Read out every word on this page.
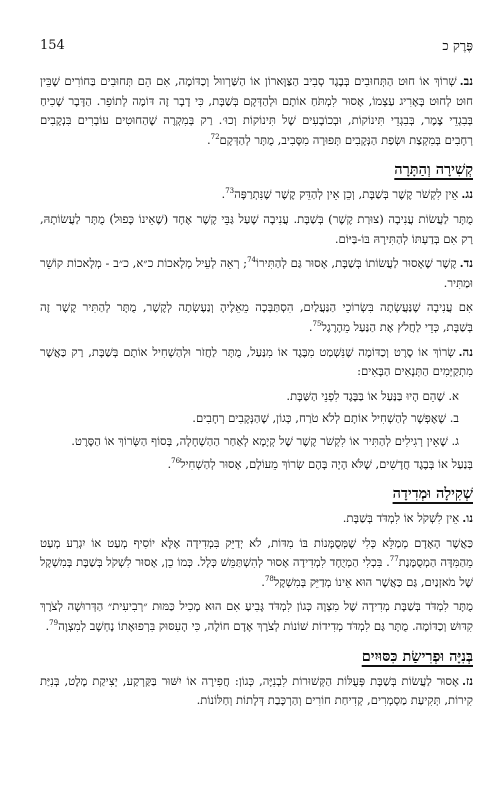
פֶּרֶק כ
154

נב.שְׁרוֹךְ אוֹ חוּט הַתְּחוּבִים בְּבֶגֶד סְבִיב הַצַּוָּארוֹן אוֹ הַשַּׁרְווּל וְכַדּוֹמֶה, אִם הֵם תְּחוּבִים בַּחוֹרִים שֶׁבֵּין חוּט לְחוּט בָּאָרִיג עַצְמוֹ, אָסוּר לִמְתֹּחַ אוֹתָם וּלְהַדְּקָם בְּשַׁבָּת, כִּי דָבָר זֶה דּוֹמֶה לְתוֹפֵר. הַדָּבָר שָׁכִיחַ בְּבִגְדֵי צֶמֶר, בְּבִגְדֵי תִּינוֹקוֹת, וּבְכוֹבָעִים שֶׁל תִּינוֹקוֹת וְכוּ׳. רַק בְּמִקְרֶה שֶׁהַחוּטִים עוֹבְרִים בִּנְקָבִים רְחָבִים בְּמִקְצַת וּשְׂפַת הַנְּקָבִים תְּפוּרָה מִסָּבִיב, מֻתָּר לְהַדְּקָם$^{72}$.

קְשִׁירָה וְהַתָּרָה

נג.אֵין לִקְשֹׁר קֶשֶׁר בְּשַׁבָּת, וְכֵן אֵין לְהַדֵּק קֶשֶׁר שֶׁנִּתְרַפָּה$^{73}$.

מֻתָּר לַעֲשׂוֹת עֲנִיבָה (צוּרַת קֶשֶׁר) בְּשַׁבָּת. עֲנִיבָה שֶׁעַל גַּבֵּי קֶשֶׁר אֶחָד (שֶׁאֵינוֹ כָּפוּל) מֻתָּר לַעֲשׂוֹתָהּ, רַק אִם בְּדַעְתּוֹ לְהַתִּירָהּ בּוֹ-בַּיּוֹם.

נד.קֶשֶׁר שֶׁאָסוּר לַעֲשׂוֹתוֹ בְּשַׁבָּת, אָסוּר גַּם לְהַתִּירוֹ$^{74}$; רְאֵה לְעֵיל מְלָאכוֹת כ״א, כ״ב - מְלָאכוֹת קוֹשֵׁר וּמַתִּיר.

אִם עֲנִיבָה שֶׁנַּעֲשְׂתָה בִּשְׂרוֹכֵי הַנַּעֲלַיִם, הִסְתַּבְּכָה מֵאֵלֶיהָ וְנַעֶשְׂתָה לְקֶשֶׁר, מֻתָּר לְהַתִּיר קֶשֶׁר זֶה בְּשַׁבָּת, כְּדֵי לַחֲלֹץ אֶת הַנַּעַל מֵהָרֶגֶל$^{75}$.

נה.שְׂרוֹךְ אוֹ סֶרֶט וְכַדּוֹמֶה שֶׁנִּשְׁמַט מִבֶּגֶד אוֹ מִנַּעַל, מֻתָּר לַחֲזֹר וּלְהַשְׁחִיל אוֹתָם בְּשַׁבָּת, רַק כַּאֲשֶׁר מִתְקַיְּמִים הַתְּנָאִים הַבָּאִים:

א. שֶׁהֵם הָיוּ בַּנַּעַל אוֹ בַּבֶּגֶד לִפְנֵי הַשַּׁבָּת.

ב. שֶׁאֶפְשָׁר לְהַשְׁחִיל אוֹתָם לְלֹא טֹרַח, כְּגוֹן, שֶׁהַנְּקָבִים רְחָבִים.

ג. שֶׁאֵין רְגִילִים לְהַתִּיר אוֹ לִקְשֹׁר קֶשֶׁר שֶׁל קְיָמָא לְאַחַר הַהַשְׁחָלָה, בְּסוֹף הַשְּׂרוֹךְ אוֹ הַסֶּרֶט.

בְּנַעַל אוֹ בְּבֶגֶד חֲדָשִׁים, שֶׁלֹּא הָיָה בָּהֶם שְׂרוֹךְ מֵעוֹלָם, אָסוּר לְהַשְׁחִיל$^{76}$.

שְׁקִילָה וּמְדִידָה

נו.אֵין לִשְׁקֹל אוֹ לִמְדֹּד בְּשַׁבָּת.

כַּאֲשֶׁר הָאָדָם מְמַלֵּא כְּלִי שֶׁמְּסֻמָּנוֹת בּוֹ מִדּוֹת, לֹא יְדַיֵּק בִּמְדִידָה אֶלָּא יוֹסִיף מְעַט אוֹ יִגְרַע מְעַט מֵהַמִּדָּה הַמְסֻמֶּנֶת$^{77}$. בִּכְלִי הַמְיֻחָד לִמְדִידָה אָסוּר לְהִשְׁתַּמֵּשׁ כְּלָל. כְּמוֹ כֵן, אָסוּר לִשְׁקֹל בְּשַׁבָּת בְּמִשְׁקָל שֶׁל מֹאזְנַיִם, גַּם כַּאֲשֶׁר הוּא אֵינוֹ מְדַיֵּק בְּמִשְׁקָל$^{78}$.

מֻתָּר לִמְדֹּד בְּשַׁבָּת מְדִידָה שֶׁל מִצְוָה כְּגוֹן לִמְדֹּד גָּבִיעַ אִם הוּא מָכִיל כַּמּוּת ״רְבִיעִית״ הַדְּרוּשָׁה לְצֹרֶךְ קִדּוּשׁ וְכַדּוֹמֶה. מֻתָּר גַּם לִמְדֹּד מְדִידוֹת שׁוֹנוֹת לְצֹרֶךְ אָדָם חוֹלֶה, כִּי הָעִסּוּק בִּרְפוּאָתוֹ נֶחְשָׁב לְמִצְוָה$^{79}$.

בְּנִיָּה וּפְרִישַׂת כִּסּוּיִים

נז.אָסוּר לַעֲשׂוֹת בְּשַׁבָּת פְּעֻלּוֹת הַקְּשׁוּרוֹת לִבְנִיָּה, כְּגוֹן: חֲפִירָה אוֹ יִשּׁוּר בַּקַּרְקַע, יְצִיקַת מֶלֶט, בְּנִיַּת קִירוֹת, תְּקִיעַת מַסְמְרִים, קְדִיחַת חוֹרִים וְהַרְכָּבַת דְּלָתוֹת וְחַלּוֹנוֹת.
